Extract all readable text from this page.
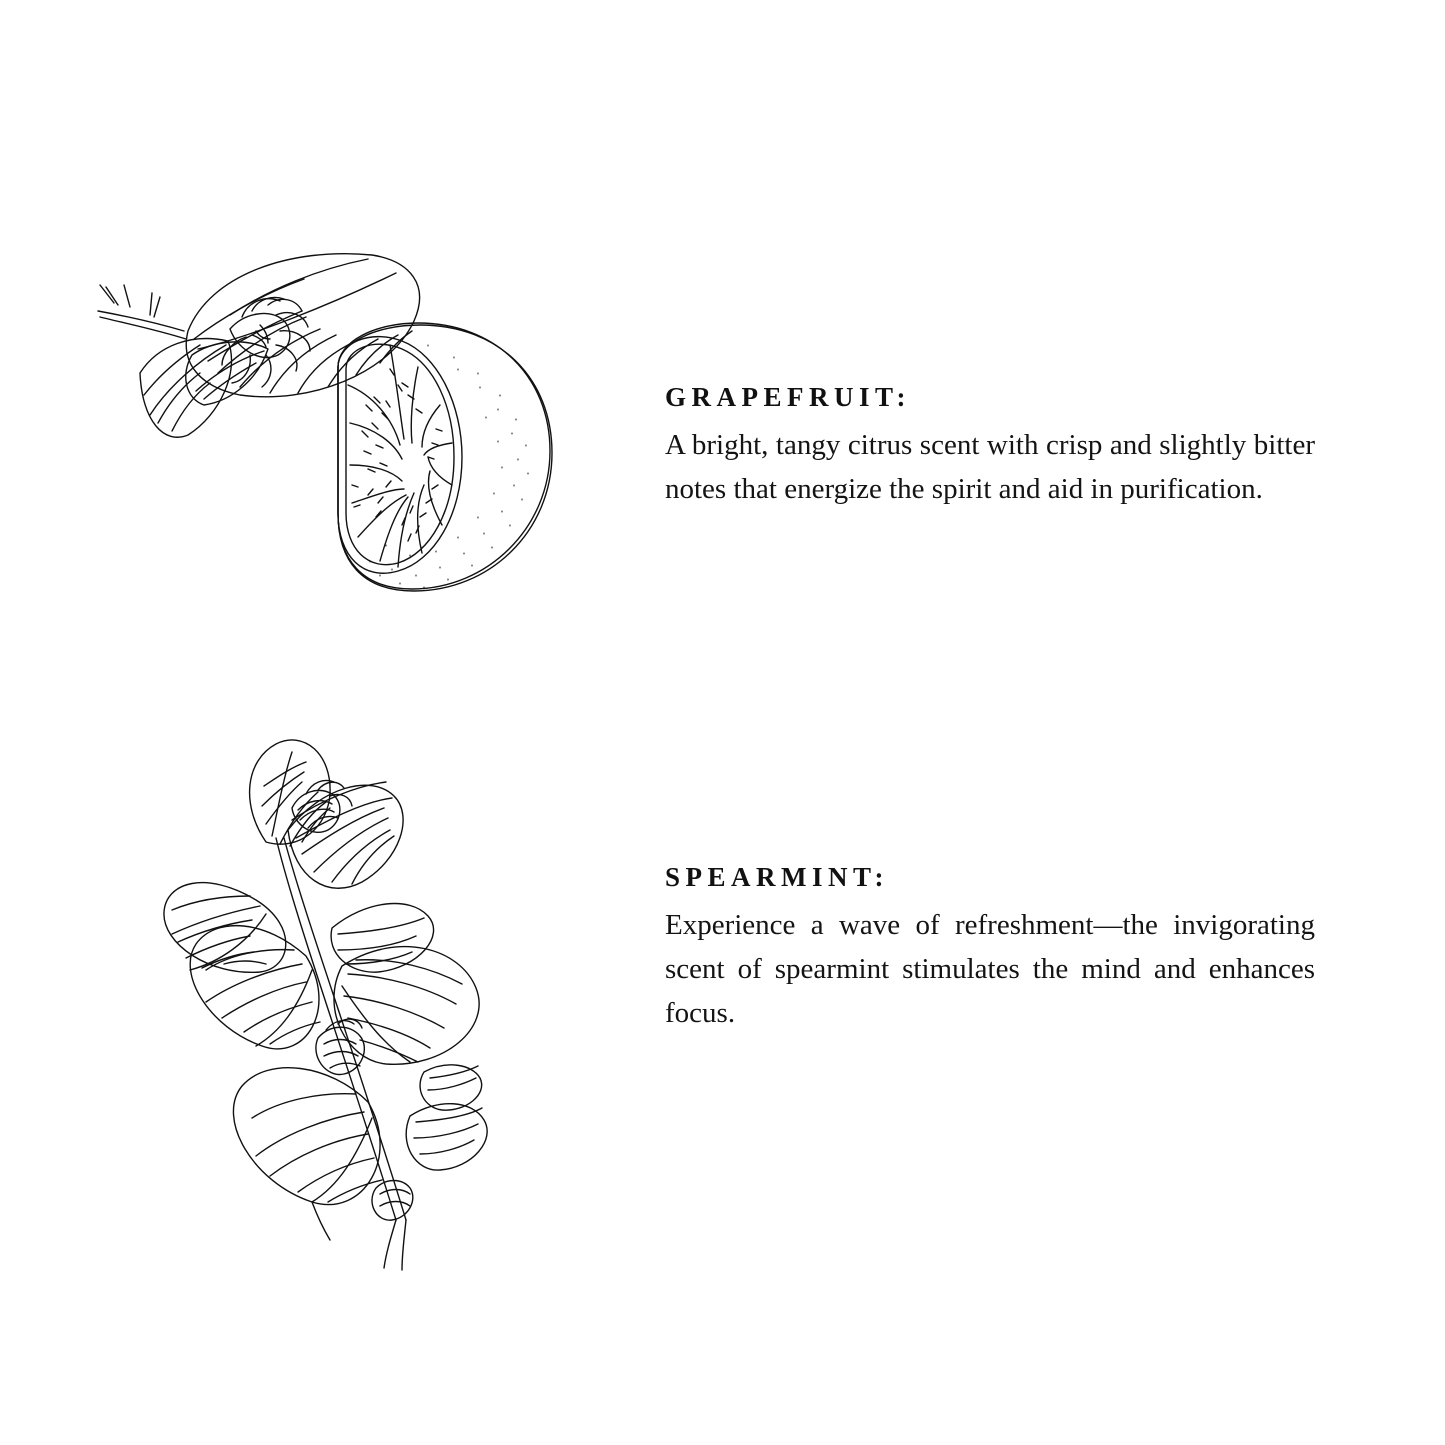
GRAPEFRUIT:

A bright, tangy citrus scent with crisp and slightly bitter notes that energize the spirit and aid in purification.

SPEARMINT:

Experience a wave of refreshment—the invigorating scent of spearmint stimulates the mind and enhances focus.
